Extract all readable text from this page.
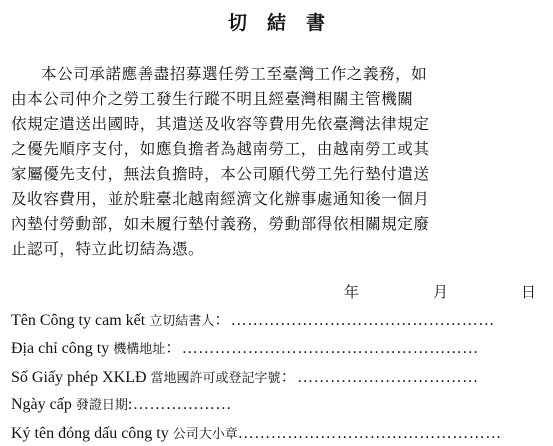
切結書

本公司承諾應善盡招募選任勞工至臺灣工作之義務，如
由本公司仲介之勞工發生行蹤不明且經臺灣相關主管機關
依規定遣送出國時，其遣送及收容等費用先依臺灣法律規定
之優先順序支付，如應負擔者為越南勞工，由越南勞工或其
家屬優先支付，無法負擔時，本公司願代勞工先行墊付遣送
及收容費用，並於駐臺北越南經濟文化辦事處通知後一個月
內墊付勞動部，如未履行墊付義務，勞動部得依相關規定廢
止認可，特立此切結為憑。

年	月	日
Tên Công ty cam kết 立切結書人：…………………………………………
Địa chỉ công ty 機構地址：………………………………………………
Số Giấy phép XKLĐ 當地國許可或登記字號：……………………………
Ngày cấp 發證日期:………………
Ký tên đóng dấu công ty 公司大小章…………………………………………
